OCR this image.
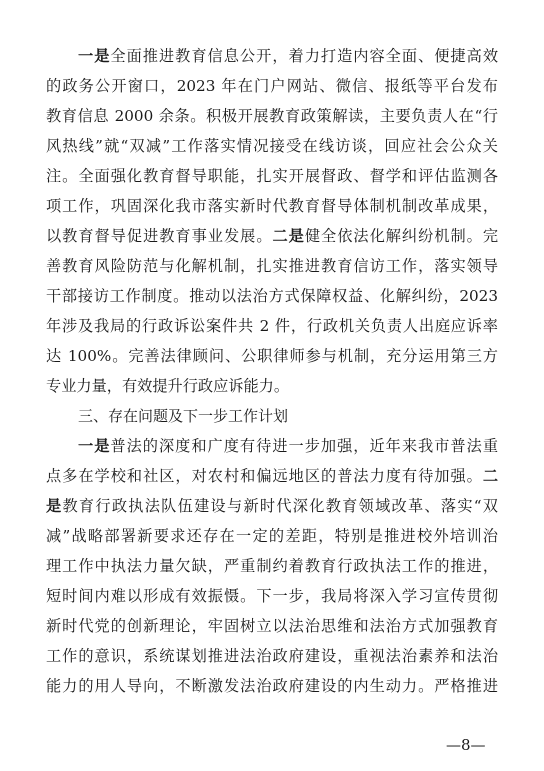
一是全面推进教育信息公开，着力打造内容全面、便捷高效
的政务公开窗口，2023 年在门户网站、微信、报纸等平台发布
教育信息 2000 余条。积极开展教育政策解读，主要负责人在“行
风热线”就“双减”工作落实情况接受在线访谈，回应社会公众关
注。全面强化教育督导职能，扎实开展督政、督学和评估监测各
项工作，巩固深化我市落实新时代教育督导体制机制改革成果，
以教育督导促进教育事业发展。二是健全依法化解纠纷机制。完
善教育风险防范与化解机制，扎实推进教育信访工作，落实领导
干部接访工作制度。推动以法治方式保障权益、化解纠纷，2023
年涉及我局的行政诉讼案件共 2 件，行政机关负责人出庭应诉率
达 100%。完善法律顾问、公职律师参与机制，充分运用第三方
专业力量，有效提升行政应诉能力。
三、存在问题及下一步工作计划
一是普法的深度和广度有待进一步加强，近年来我市普法重
点多在学校和社区，对农村和偏远地区的普法力度有待加强。二
是教育行政执法队伍建设与新时代深化教育领域改革、落实“双
减”战略部署新要求还存在一定的差距，特别是推进校外培训治
理工作中执法力量欠缺，严重制约着教育行政执法工作的推进，
短时间内难以形成有效振慑。下一步，我局将深入学习宣传贯彻
新时代党的创新理论，牢固树立以法治思维和法治方式加强教育
工作的意识，系统谋划推进法治政府建设，重视法治素养和法治
能力的用人导向，不断激发法治政府建设的内生动力。严格推进
—8—
